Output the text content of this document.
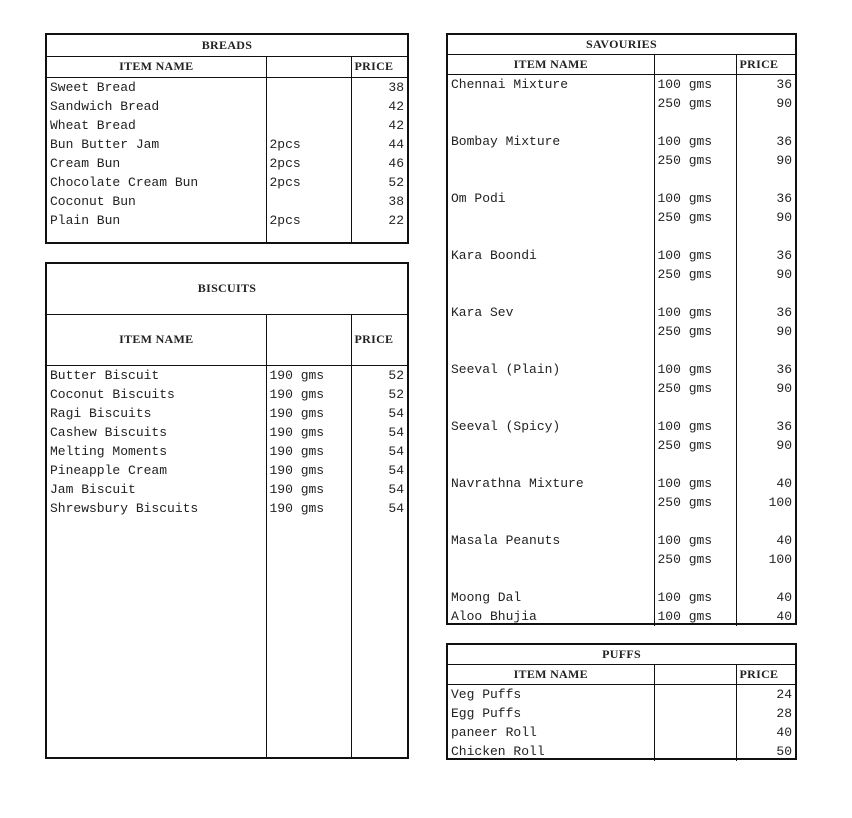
BREADS		
ITEM NAME		PRICE
Sweet Bread		38
Sandwich Bread		42
Wheat Bread		42
Bun Butter Jam	2pcs	44
Cream Bun	2pcs	46
Chocolate Cream Bun	2pcs	52
Coconut Bun		38
Plain Bun	2pcs	22

BISCUITS		
ITEM NAME		PRICE
Butter Biscuit	190 gms	52
Coconut Biscuits	190 gms	52
Ragi Biscuits	190 gms	54
Cashew Biscuits	190 gms	54
Melting Moments	190 gms	54
Pineapple Cream	190 gms	54
Jam Biscuit	190 gms	54
Shrewsbury Biscuits	190 gms	54

SAVOURIES		
ITEM NAME		PRICE
Chennai Mixture	100 gms	36
	250 gms	90

Bombay Mixture	100 gms	36
	250 gms	90

Om Podi	100 gms	36
	250 gms	90

Kara Boondi	100 gms	36
	250 gms	90

Kara Sev	100 gms	36
	250 gms	90

Seeval (Plain)	100 gms	36
	250 gms	90

Seeval (Spicy)	100 gms	36
	250 gms	90

Navrathna Mixture	100 gms	40
	250 gms	100

Masala Peanuts	100 gms	40
	250 gms	100

Moong Dal	100 gms	40
Aloo Bhujia	100 gms	40

PUFFS		
ITEM NAME		PRICE
Veg Puffs		24
Egg Puffs		28
paneer Roll		40
Chicken Roll		50
